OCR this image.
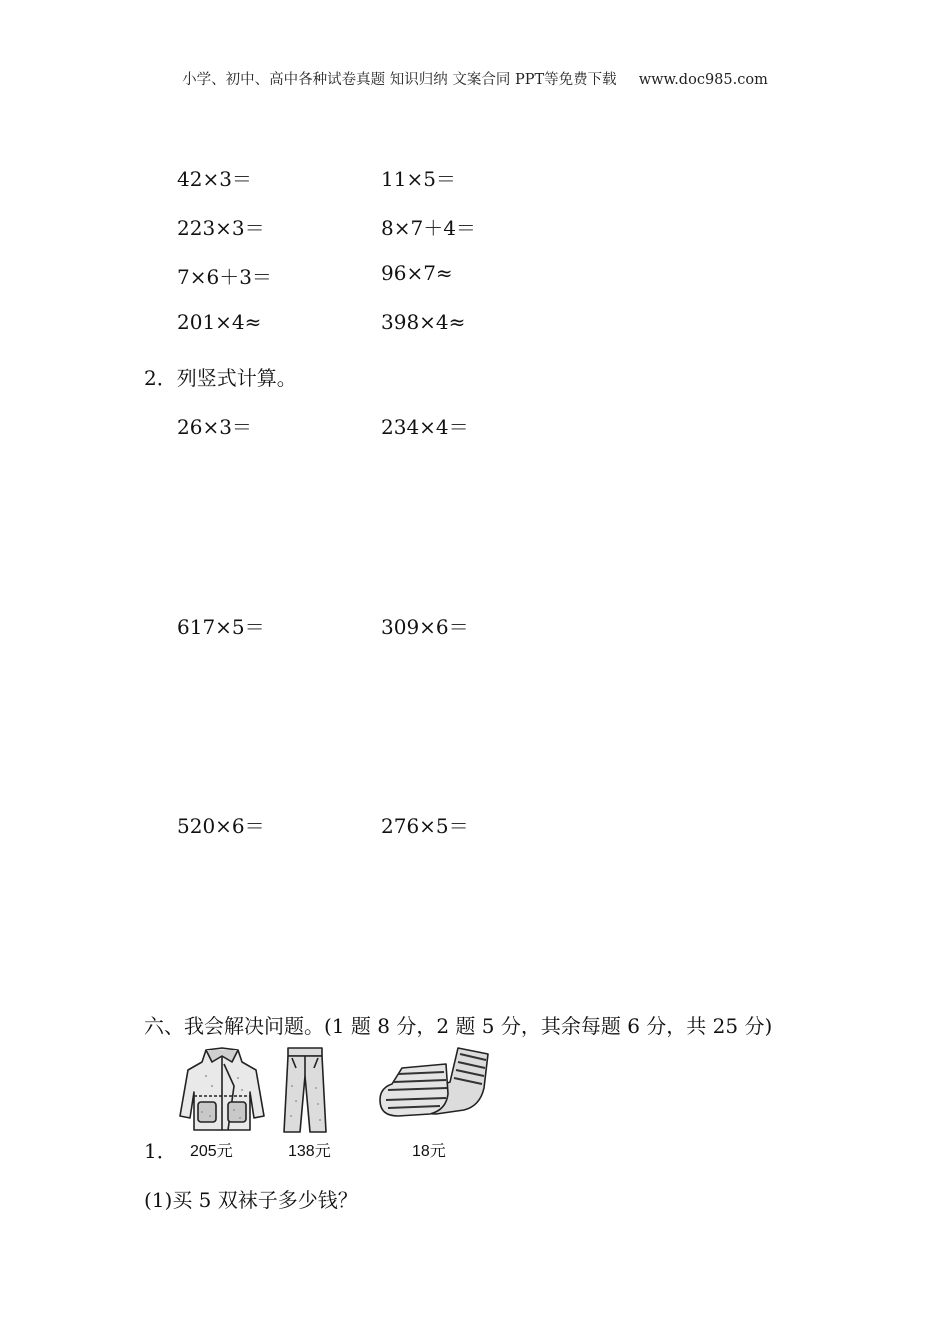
小学、初中、高中各种试卷真题 知识归纳 文案合同 PPT等免费下载 www.doc985.com
42×3＝	11×5＝
223×3＝	8×7＋4＝
7×6＋3＝	96×7≈
201×4≈	398×4≈
2．列竖式计算。
26×3＝	234×4＝
617×5＝	309×6＝
520×6＝	276×5＝
六、我会解决问题。(1 题 8 分，2 题 5 分，其余每题 6 分，共 25 分)
205元	138元	18元
1．
(1)买 5 双袜子多少钱？
